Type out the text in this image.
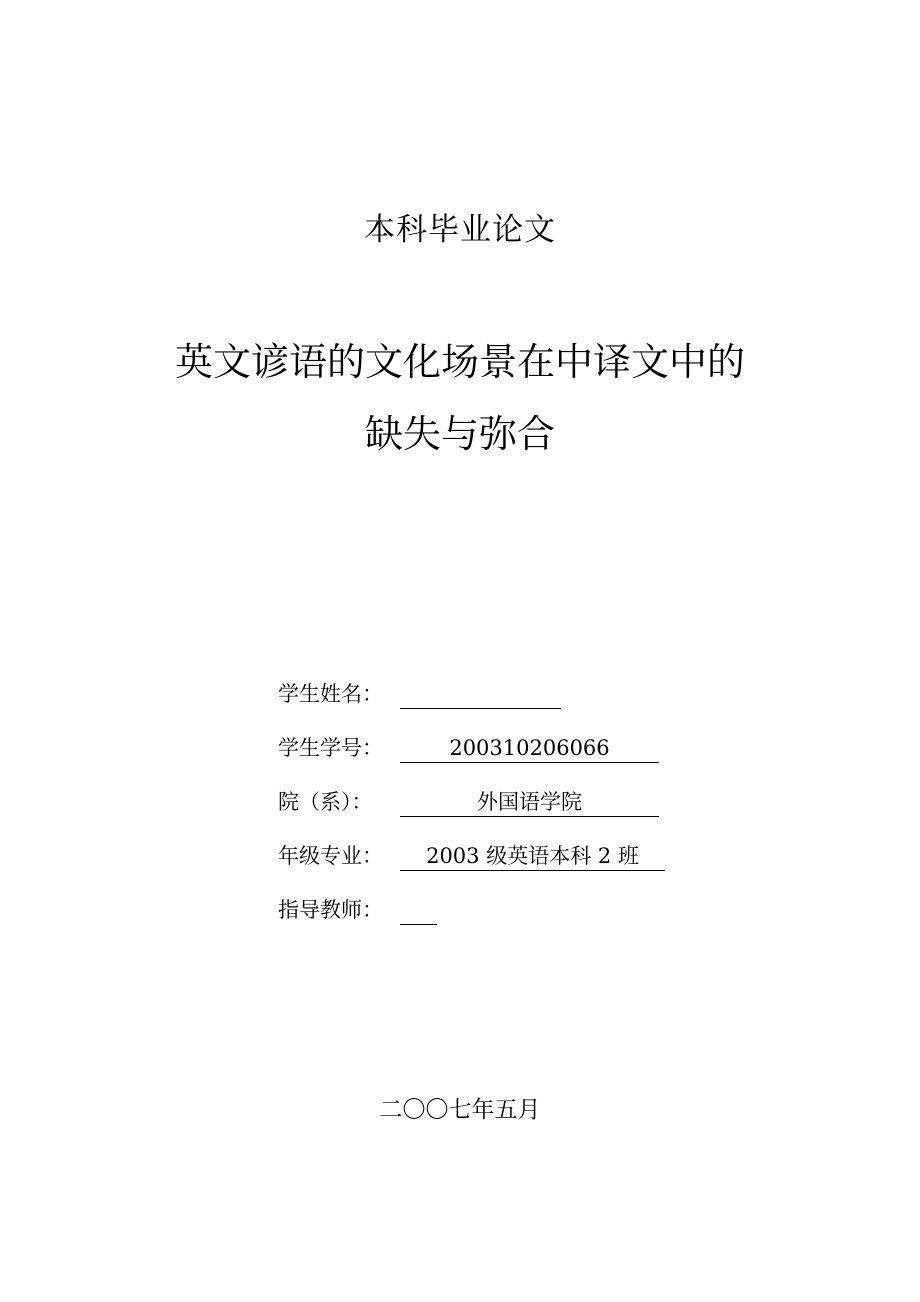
本科毕业论文
英文谚语的文化场景在中译文中的
缺失与弥合
学生姓名：
学生学号：	200310206066
院（系）：	外国语学院
年级专业：	2003 级英语本科 2 班
指导教师：
二〇〇七年五月
